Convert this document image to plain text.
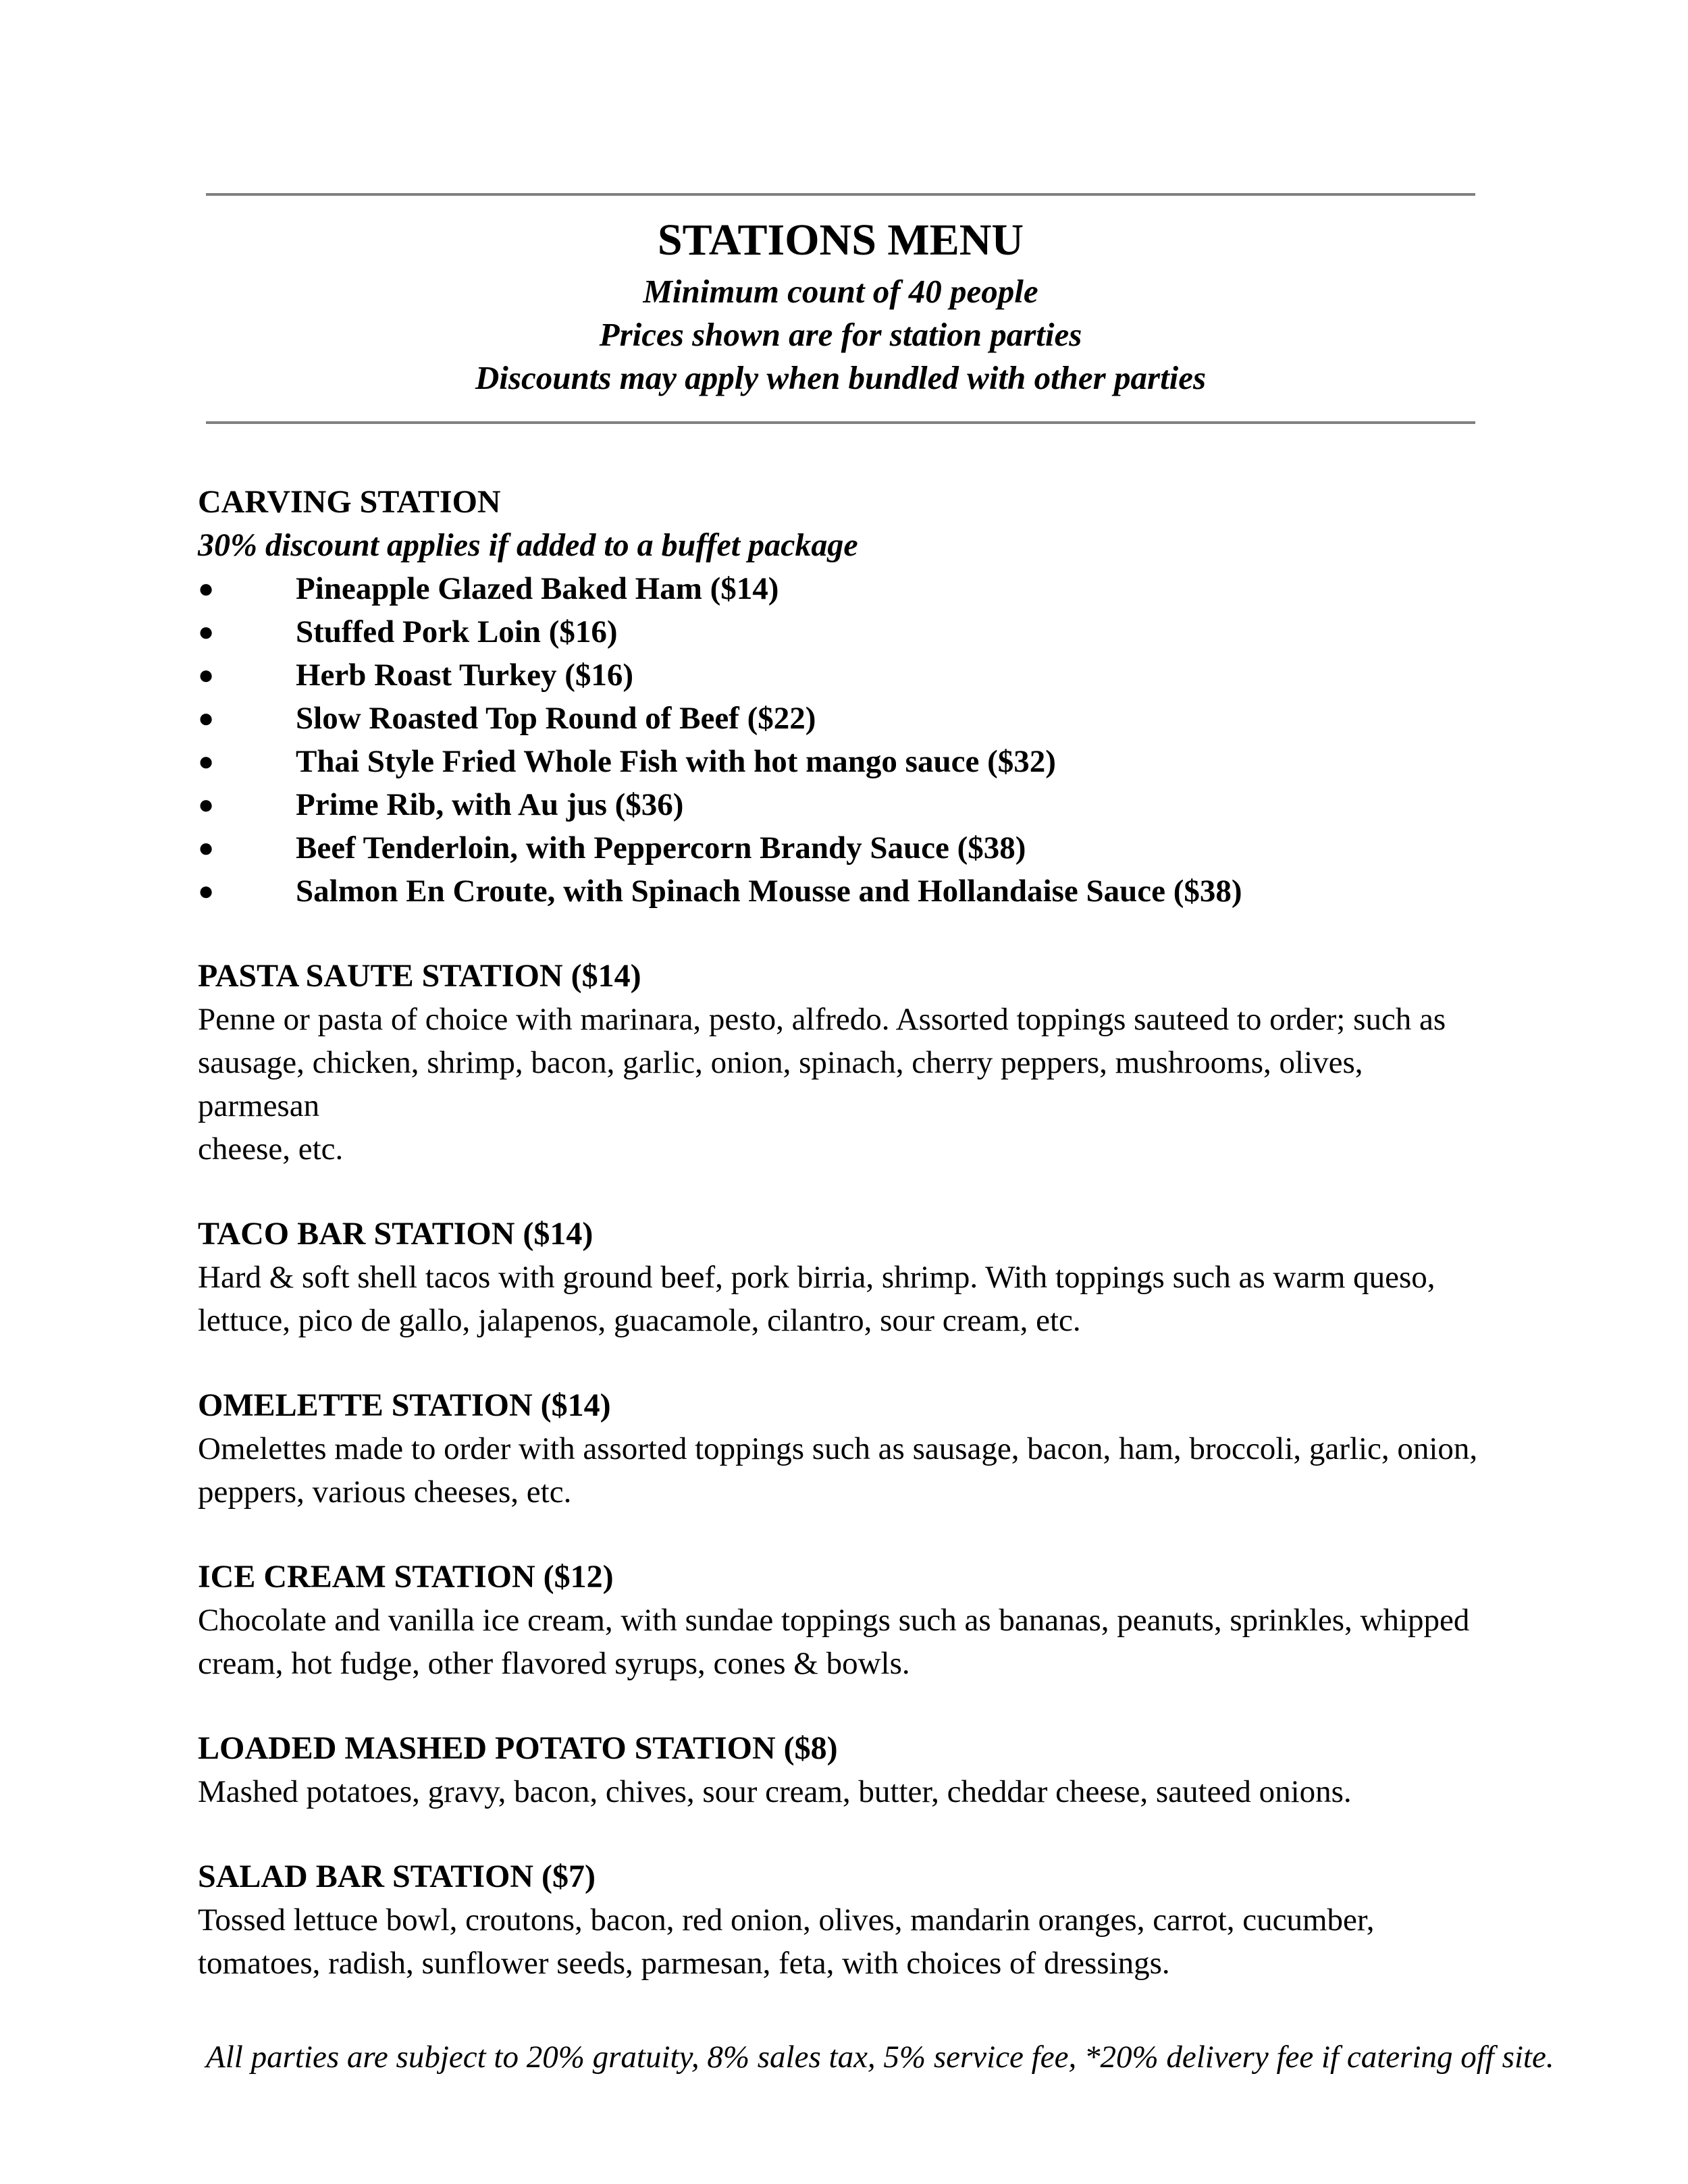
STATIONS MENU

Minimum count of 40 people

Prices shown are for station parties

Discounts may apply when bundled with other parties

CARVING STATION

30% discount applies if added to a buffet package

●	Pineapple Glazed Baked Ham ($14)
●	Stuffed Pork Loin ($16)
●	Herb Roast Turkey ($16)
●	Slow Roasted Top Round of Beef ($22)
●	Thai Style Fried Whole Fish with hot mango sauce ($32)
●	Prime Rib, with Au jus ($36)
●	Beef Tenderloin, with Peppercorn Brandy Sauce ($38)
●	Salmon En Croute, with Spinach Mousse and Hollandaise Sauce ($38)

PASTA SAUTE STATION ($14)

Penne or pasta of choice with marinara, pesto, alfredo. Assorted toppings sauteed to order; such as

sausage, chicken, shrimp, bacon, garlic, onion, spinach, cherry peppers, mushrooms, olives, parmesan

cheese, etc.

TACO BAR STATION ($14)

Hard & soft shell tacos with ground beef, pork birria, shrimp. With toppings such as warm queso,

lettuce, pico de gallo, jalapenos, guacamole, cilantro, sour cream, etc.

OMELETTE STATION ($14)

Omelettes made to order with assorted toppings such as sausage, bacon, ham, broccoli, garlic, onion,

peppers, various cheeses, etc.

ICE CREAM STATION ($12)

Chocolate and vanilla ice cream, with sundae toppings such as bananas, peanuts, sprinkles, whipped

cream, hot fudge, other flavored syrups, cones & bowls.

LOADED MASHED POTATO STATION ($8)

Mashed potatoes, gravy, bacon, chives, sour cream, butter, cheddar cheese, sauteed onions.

SALAD BAR STATION ($7)

Tossed lettuce bowl, croutons, bacon, red onion, olives, mandarin oranges, carrot, cucumber,

tomatoes, radish, sunflower seeds, parmesan, feta, with choices of dressings.

All parties are subject to 20% gratuity, 8% sales tax, 5% service fee, *20% delivery fee if catering off site.
